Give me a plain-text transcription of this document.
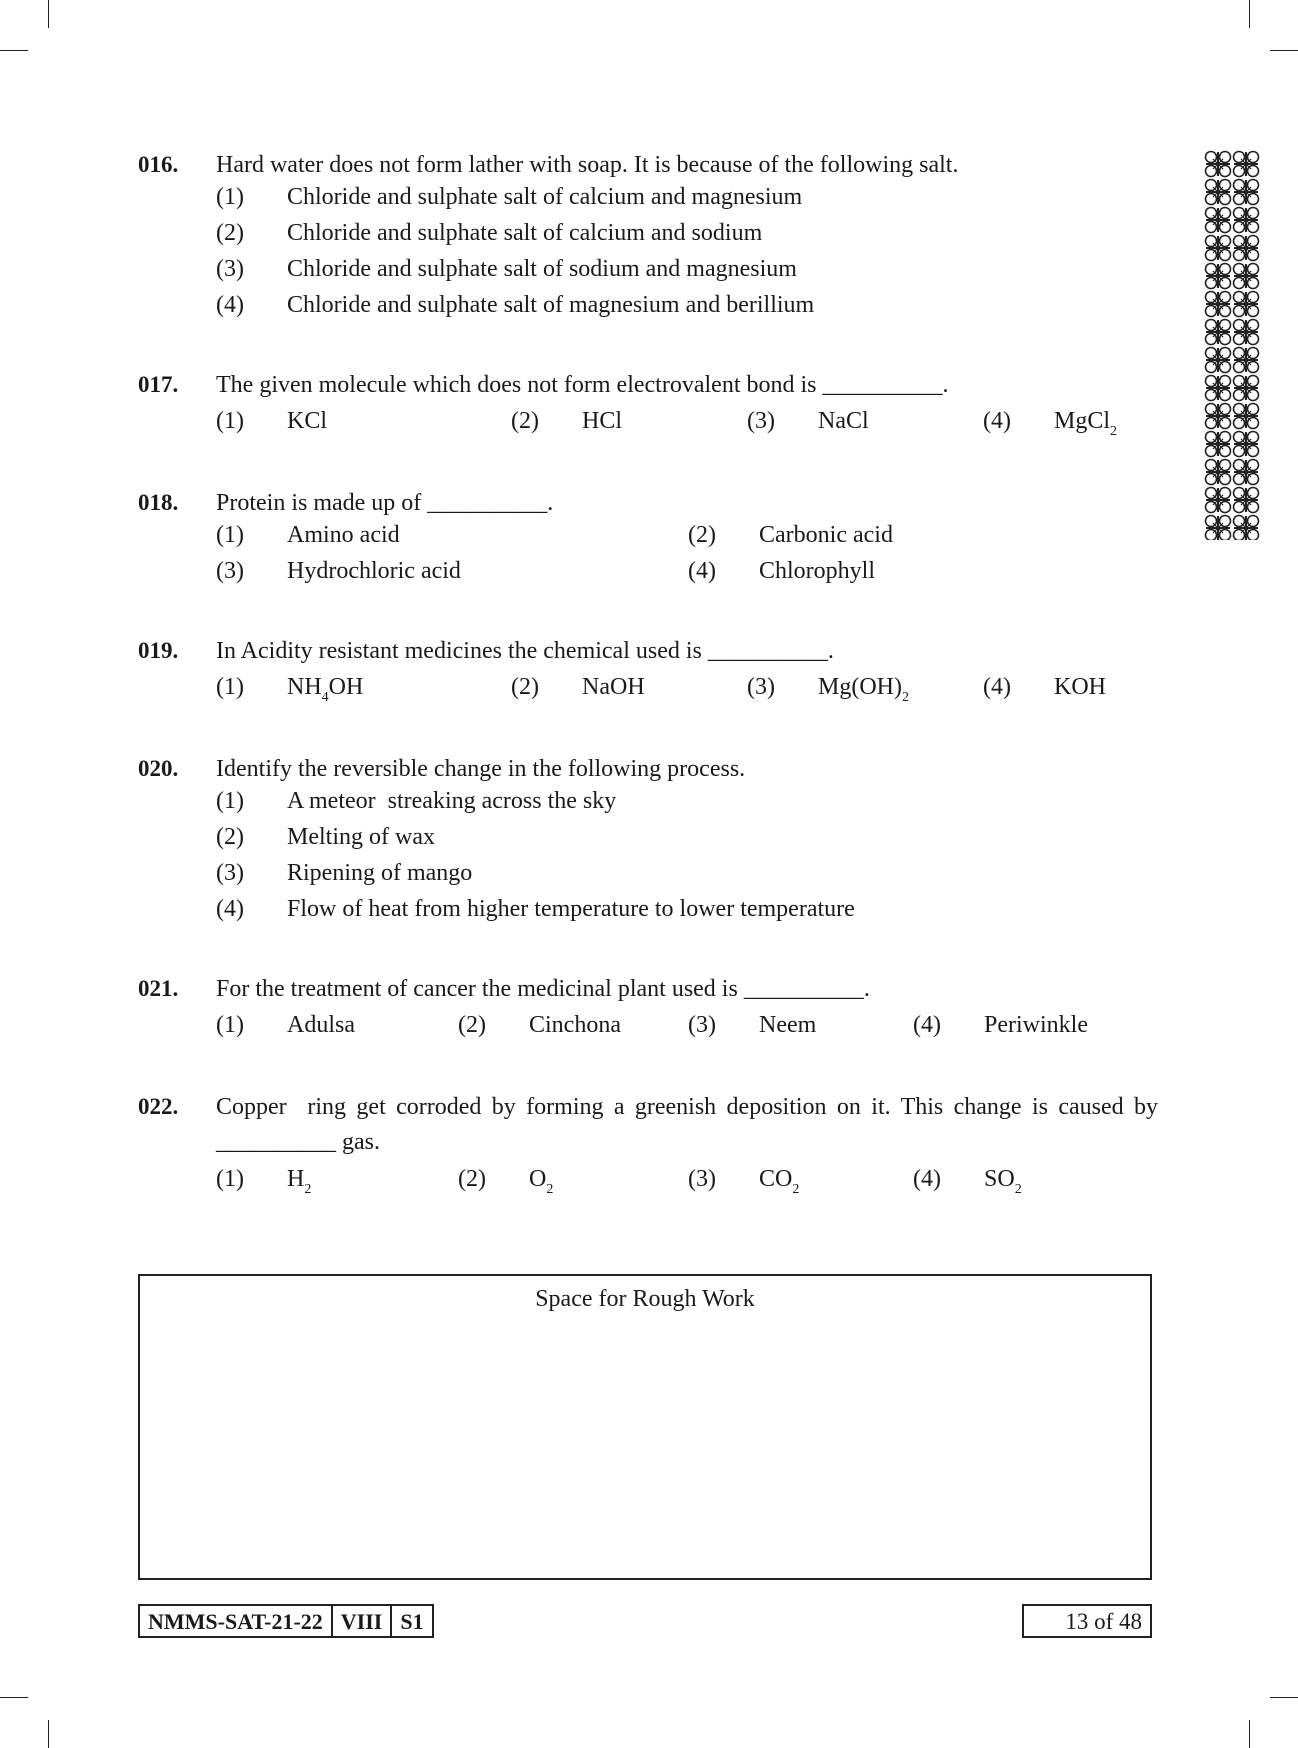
016. Hard water does not form lather with soap. It is because of the following salt.
(1) Chloride and sulphate salt of calcium and magnesium
(2) Chloride and sulphate salt of calcium and sodium
(3) Chloride and sulphate salt of sodium and magnesium
(4) Chloride and sulphate salt of magnesium and berillium
017. The given molecule which does not form electrovalent bond is __________.
(1) KCl	(2) HCl	(3) NaCl	(4) MgCl$_2$
018. Protein is made up of __________.
(1) Amino acid	(2) Carbonic acid
(3) Hydrochloric acid	(4) Chlorophyll
019. In Acidity resistant medicines the chemical used is __________.
(1) $NH_4OH$	(2) NaOH	(3) $Mg(OH)_2$	(4) KOH
020. Identify the reversible change in the following process.
(1) A meteor  streaking across the sky
(2) Melting of wax
(3) Ripening of mango
(4) Flow of heat from higher temperature to lower temperature
021. For the treatment of cancer the medicinal plant used is __________.
(1) Adulsa	(2) Cinchona	(3) Neem	(4) Periwinkle
022. Copper  ring get corroded by forming a greenish deposition on it. This change is caused by __________ gas.
(1) $H_2$	(2) $O_2$	(3) $CO_2$	(4) $SO_2$
Space for Rough Work
NMMS-SAT-21-22 VIII S1	13 of 48
